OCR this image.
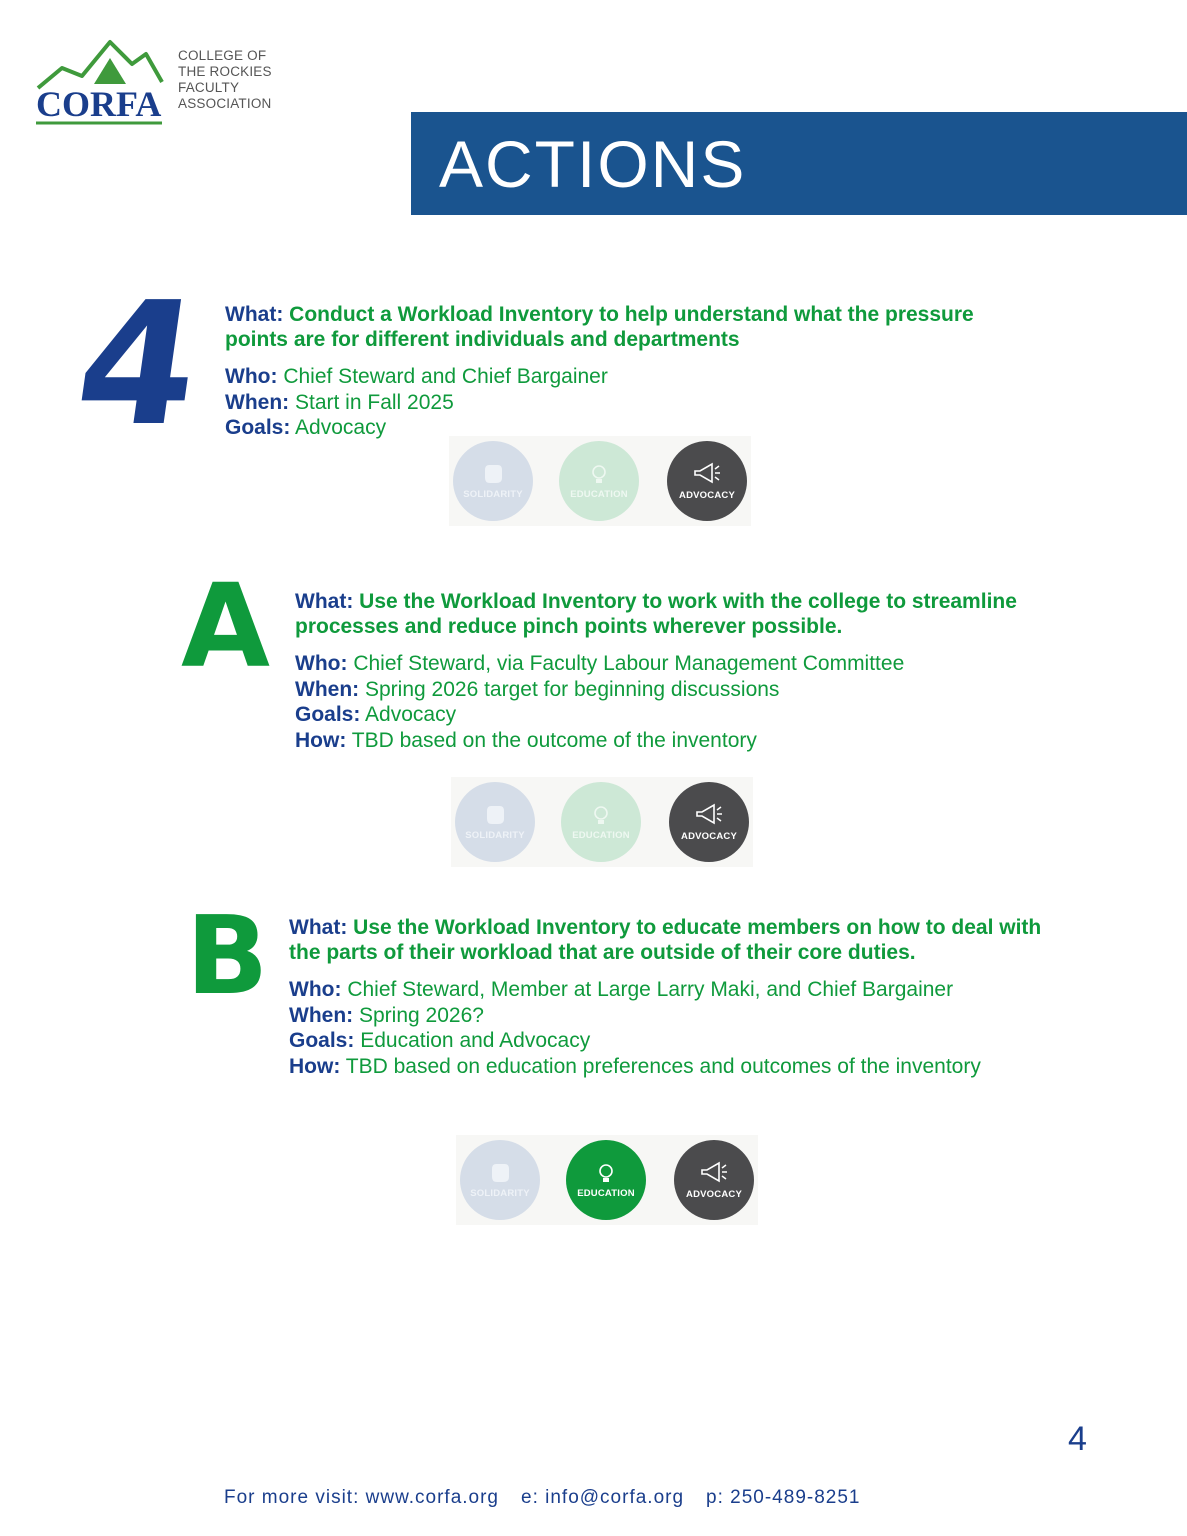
CORFA
COLLEGE OF
THE ROCKIES
FACULTY
ASSOCIATION
ACTIONS
4 What: Conduct a Workload Inventory to help understand what the pressure points are for different individuals and departments

Who: Chief Steward and Chief Bargainer
When: Start in Fall 2025
Goals: Advocacy
SOLIDARITY	EDUCATION	ADVOCACY
A What: Use the Workload Inventory to work with the college to streamline processes and reduce pinch points wherever possible.

Who: Chief Steward, via Faculty Labour Management Committee
When: Spring 2026 target for beginning discussions
Goals: Advocacy
How: TBD based on the outcome of the inventory
SOLIDARITY	EDUCATION	ADVOCACY
B What: Use the Workload Inventory to educate members on how to deal with the parts of their workload that are outside of their core duties.

Who: Chief Steward, Member at Large Larry Maki, and Chief Bargainer
When: Spring 2026?
Goals: Education and Advocacy
How: TBD based on education preferences and outcomes of the inventory
SOLIDARITY	EDUCATION	ADVOCACY
4
For more visit: www.corfa.org e: info@corfa.org p: 250-489-8251
